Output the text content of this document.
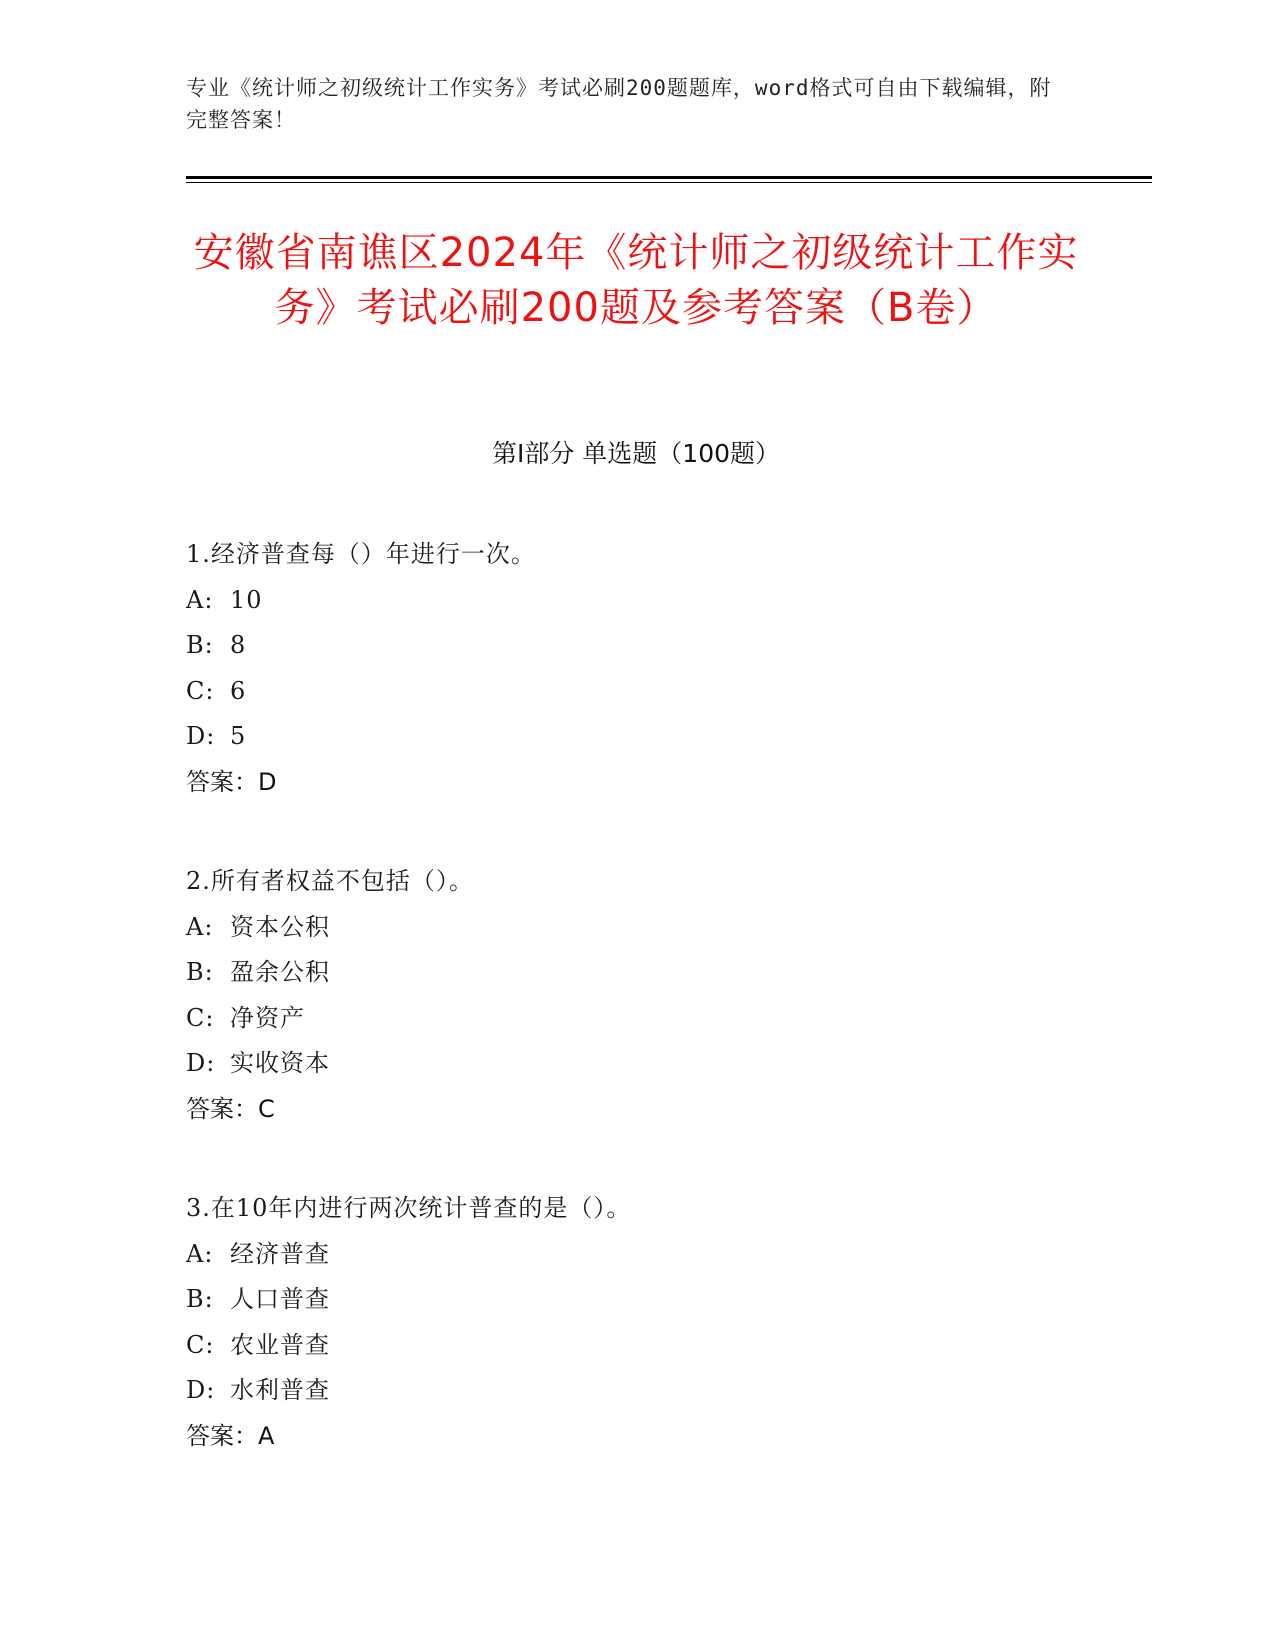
专业《统计师之初级统计工作实务》考试必刷200题题库，word格式可自由下载编辑，附完整答案！
安徽省南谯区2024年《统计师之初级统计工作实务》考试必刷200题及参考答案（B卷）
第Ⅰ部分 单选题（100题）
1.经济普查每（）年进行一次。
A: 10
B: 8
C: 6
D: 5
答案：D
2.所有者权益不包括（）。
A: 资本公积
B: 盈余公积
C: 净资产
D: 实收资本
答案：C
3.在10年内进行两次统计普查的是（）。
A: 经济普查
B: 人口普查
C: 农业普查
D: 水利普查
答案：A
